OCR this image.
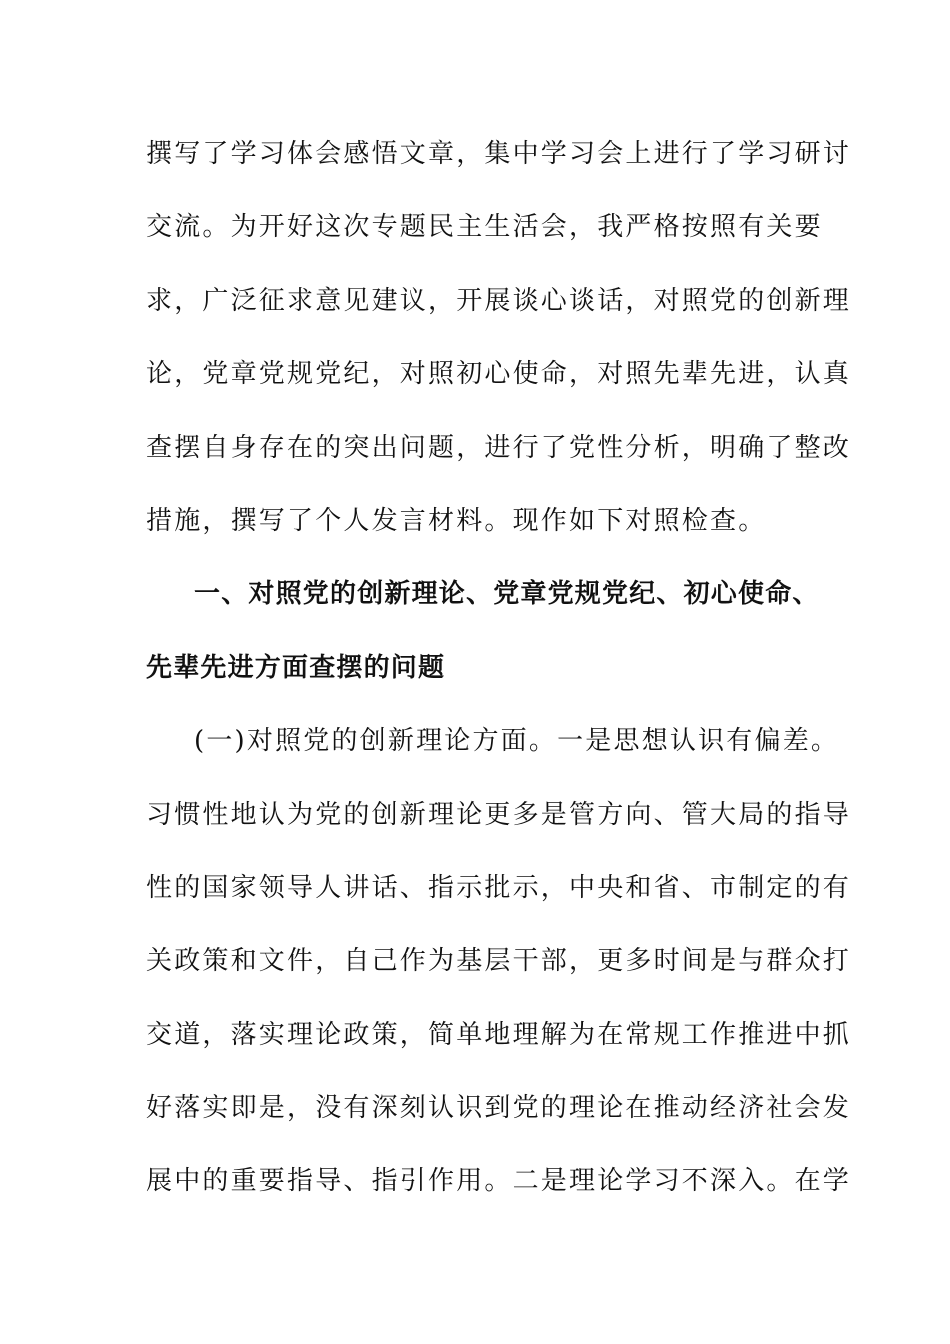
撰写了学习体会感悟文章，集中学习会上进行了学习研讨
交流。为开好这次专题民主生活会，我严格按照有关要
求，广泛征求意见建议，开展谈心谈话，对照党的创新理
论，党章党规党纪，对照初心使命，对照先辈先进，认真
查摆自身存在的突出问题，进行了党性分析，明确了整改
措施，撰写了个人发言材料。现作如下对照检查。
一、对照党的创新理论、党章党规党纪、初心使命、
先辈先进方面查摆的问题
(一)对照党的创新理论方面。一是思想认识有偏差。
习惯性地认为党的创新理论更多是管方向、管大局的指导
性的国家领导人讲话、指示批示，中央和省、市制定的有
关政策和文件，自己作为基层干部，更多时间是与群众打
交道，落实理论政策，简单地理解为在常规工作推进中抓
好落实即是，没有深刻认识到党的理论在推动经济社会发
展中的重要指导、指引作用。二是理论学习不深入。在学
